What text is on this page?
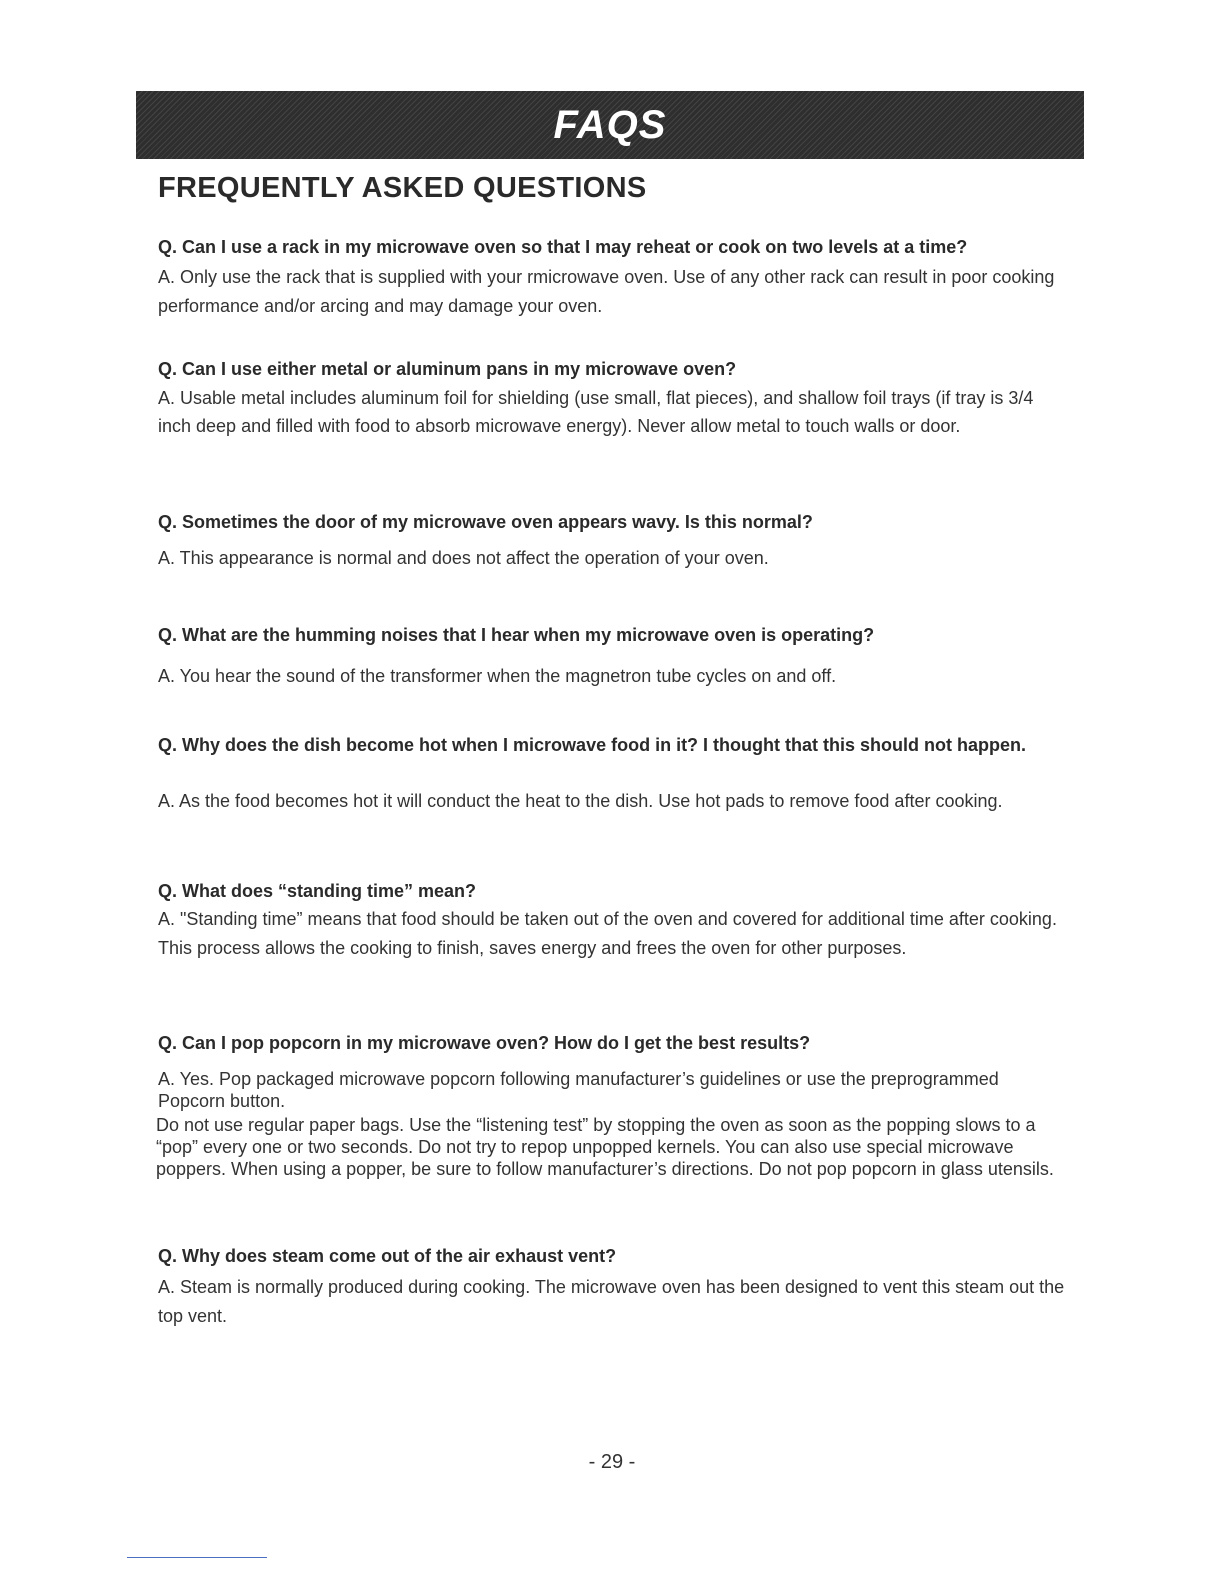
FAQS
FREQUENTLY ASKED QUESTIONS

Q. Can I use a rack in my microwave oven so that I may reheat or cook on two levels at a time?

A. Only use the rack that is supplied with your rmicrowave oven. Use of any other rack can result in poor cooking performance and/or arcing and may damage your oven.

Q. Can I use either metal or aluminum pans in my microwave oven?

A. Usable metal includes aluminum foil for shielding (use small, flat pieces), and shallow foil trays (if tray is 3/4 inch deep and filled with food to absorb microwave energy). Never allow metal to touch walls or door.

Q. Sometimes the door of my microwave oven appears wavy. Is this normal?

A. This appearance is normal and does not affect the operation of your oven.

Q. What are the humming noises that I hear when my microwave oven is operating?

A. You hear the sound of the transformer when the magnetron tube cycles on and off.

Q. Why does the dish become hot when I microwave food in it? I thought that this should not happen.

A. As the food becomes hot it will conduct the heat to the dish. Use hot pads to remove food after cooking.

Q. What does “standing time” mean?

A. "Standing time” means that food should be taken out of the oven and covered for additional time after cooking. This process allows the cooking to finish, saves energy and frees the oven for other purposes.

Q. Can I pop popcorn in my microwave oven? How do I get the best results?

A. Yes. Pop packaged microwave popcorn following manufacturer’s guidelines or use the preprogrammed Popcorn button.

Do not use regular paper bags. Use the “listening test” by stopping the oven as soon as the popping slows to a “pop” every one or two seconds. Do not try to repop unpopped kernels. You can also use special microwave poppers. When using a popper, be sure to follow manufacturer’s directions. Do not pop popcorn in glass utensils.

Q. Why does steam come out of the air exhaust vent?

A. Steam is normally produced during cooking. The microwave oven has been designed to vent this steam out the top vent.

- 29 -
